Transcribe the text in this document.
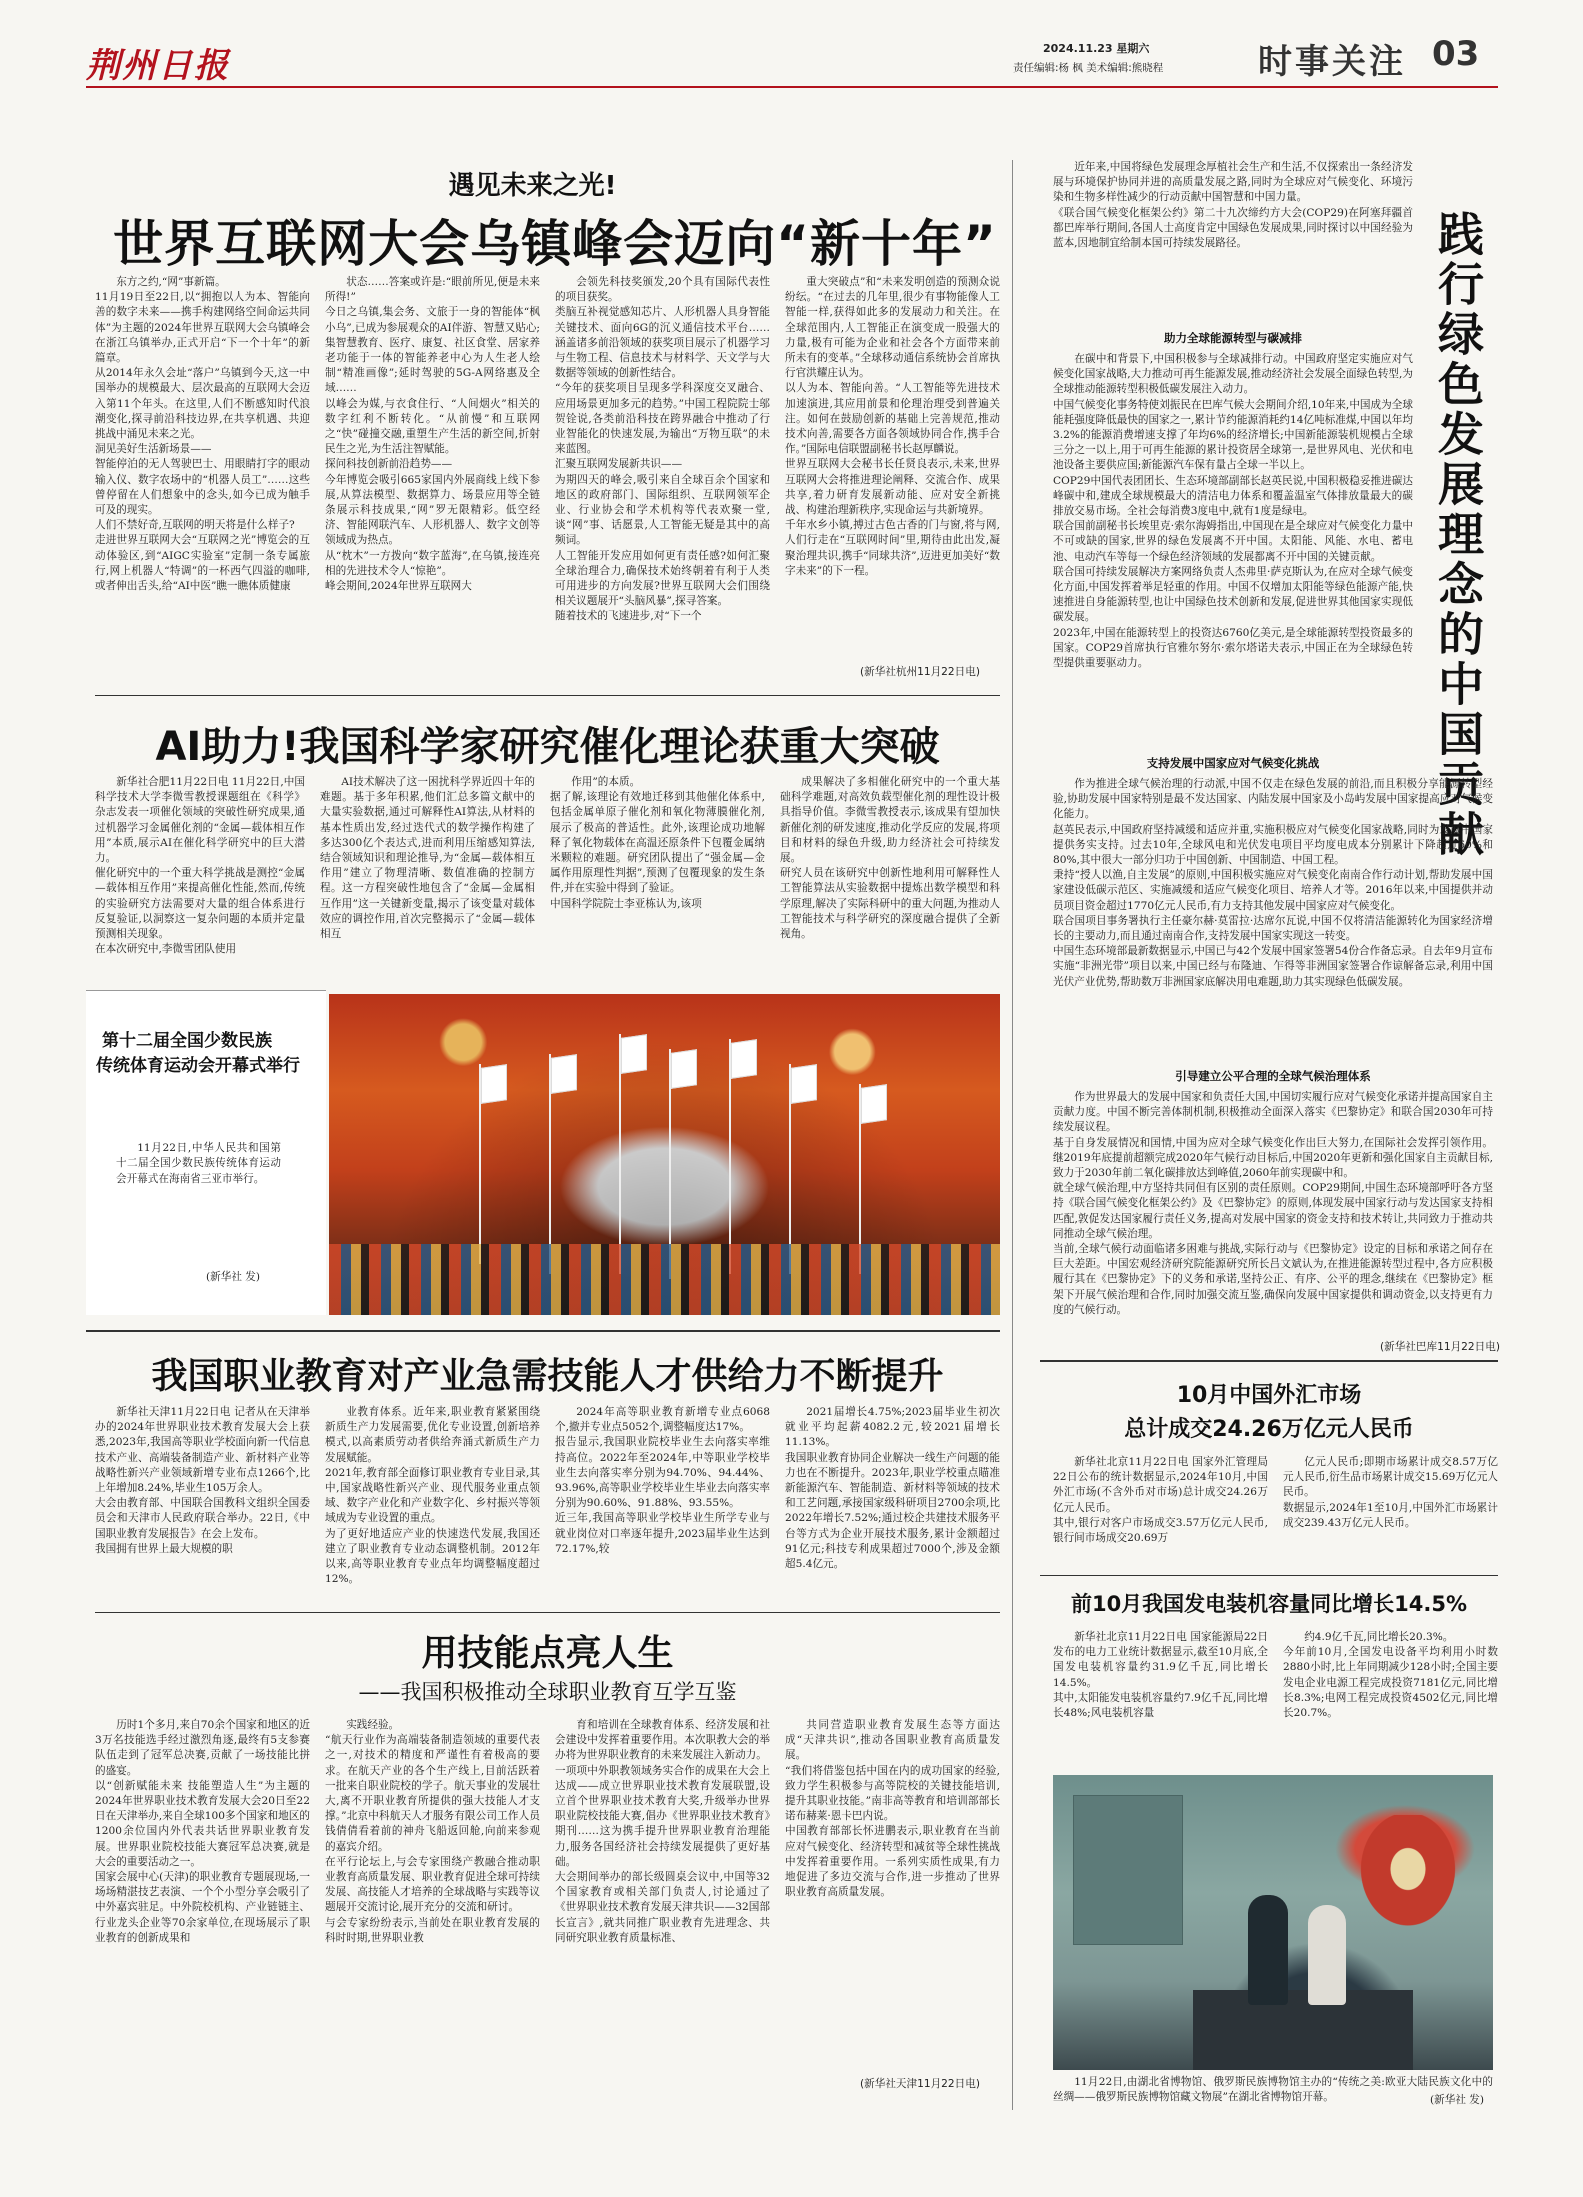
荆州日报	2024.11.23 星期六
责任编辑:杨 枫 美术编辑:熊晓程	时事关注 03
遇见未来之光!
世界互联网大会乌镇峰会迈向“新十年”
东方之约,“网”事新篇。
11月19日至22日,以“拥抱以人为本、智能向善的数字未来——携手构建网络空间命运共同体”为主题的2024年世界互联网大会乌镇峰会在浙江乌镇举办,正式开启“下一个十年”的新篇章。
从2014年永久会址“落户”乌镇到今天,这一中国举办的规模最大、层次最高的互联网大会迈入第11个年头。在这里,人们不断感知时代浪潮变化,探寻前沿科技边界,在共享机遇、共迎挑战中涌见未来之光。
洞见美好生活新场景——
智能停泊的无人驾驶巴士、用眼睛打字的眼动输入仪、数字农场中的“机器人员工”……这些曾停留在人们想象中的念头,如今已成为触手可及的现实。
人们不禁好奇,互联网的明天将是什么样子?
走进世界互联网大会“互联网之光”博览会的互动体验区,到“AIGC实验室”定制一条专属旅行,网上机器人“特调”的一杯西气四溢的咖啡,或者伸出舌头,给“AI中医”瞧一瞧体质健康
状态……答案或许是:“眼前所见,便是未来所得!”
今日之乌镇,集会务、文旅于一身的智能体“枫小乌”,已成为参展观众的AI伴游、智慧又贴心;集智慧教育、医疗、康复、社区食堂、居家养老功能于一体的智能养老中心为人生老人绘制“精准画像”;延时驾驶的5G-A网络惠及全域……
以峰会为媒,与衣食住行、“人间烟火”相关的数字红利不断转化。“从前慢”和互联网之“快”碰撞交融,重塑生产生活的新空间,折射民生之光,为生活注智赋能。
探问科技创新前沿趋势——
今年博览会吸引665家国内外展商线上线下参展,从算法模型、数据算力、场景应用等全链条展示科技成果,“网”罗无限精彩。低空经济、智能网联汽车、人形机器人、数字文创等领域成为热点。
从“枕木”一方拨向“数字蓝海”,在乌镇,接连亮相的先进技术令人“惊艳”。
峰会期间,2024年世界互联网大
会领先科技奖颁发,20个具有国际代表性的项目获奖。
类脑互补视觉感知芯片、人形机器人具身智能关键技术、面向6G的沉义通信技术平台……涵盖诸多前沿领域的获奖项目展示了机器学习与生物工程、信息技术与材料学、天文学与大数据等领域的创新性结合。
“今年的获奖项目呈现多学科深度交叉融合、应用场景更加多元的趋势。”中国工程院院士邬贺铨说,各类前沿科技在跨界融合中推动了行业智能化的快速发展,为输出“万物互联”的未来蓝图。
汇聚互联网发展新共识——
为期四天的峰会,吸引来自全球百余个国家和地区的政府部门、国际组织、互联网领军企业、行业协会和学术机构等代表欢聚一堂,谈“网”事、话愿景,人工智能无疑是其中的高频词。
人工智能开发应用如何更有责任感?如何汇聚全球治理合力,确保技术始终朝着有利于人类可用进步的方向发展?世界互联网大会们围绕相关议题展开“头脑风暴”,探寻答案。
随着技术的飞速进步,对“下一个
重大突破点”和“未来发明创造的预测众说纷纭。“在过去的几年里,很少有事物能像人工智能一样,获得如此多的发展动力和关注。在全球范围内,人工智能正在演变成一股强大的力量,极有可能为企业和社会各个方面带来前所未有的变革。”全球移动通信系统协会首席执行官洪耀庄认为。
以人为本、智能向善。“人工智能等先进技术加速演进,其应用前景和伦理治理受到普遍关注。如何在鼓励创新的基础上完善规范,推动技术向善,需要各方面各领域协同合作,携手合作。”国际电信联盟副秘书长赵厚麟说。
世界互联网大会秘书长任贤良表示,未来,世界互联网大会将推进理论阐释、交流合作、成果共享,着力研育发展新动能、应对安全新挑战、构建治理新秩序,实现命运与共新境界。
千年水乡小镇,搏过古色古香的门与窗,将与网,人们行走在“互联网时间”里,期待由此出发,凝聚治理共识,携手“同球共济”,迈进更加美好“数字未来”的下一程。
(新华社杭州11月22日电)
AI助力!我国科学家研究催化理论获重大突破
新华社合肥11月22日电 11月22日,中国科学技术大学李微雪教授课题组在《科学》杂志发表一项催化领域的突破性研究成果,通过机器学习金属催化剂的“金属—载体相互作用”本质,展示AI在催化科学研究中的巨大潜力。
催化研究中的一个重大科学挑战是测控“金属—载体相互作用”来提高催化性能,然而,传统的实验研究方法需要对大量的组合体系进行反复验证,以洞察这一复杂问题的本质并定量预测相关现象。
在本次研究中,李微雪团队使用
AI技术解决了这一困扰科学界近四十年的难题。基于多年积累,他们汇总多篇文献中的大量实验数据,通过可解释性AI算法,从材料的基本性质出发,经过迭代式的数学操作构建了多达300亿个表达式,进而利用压缩感知算法,结合领域知识和理论推导,为“金属—载体相互作用”建立了物理清晰、数值准确的控制方程。这一方程突破性地包含了“金属—金属相互作用”这一关键新变量,揭示了该变量对载体效应的调控作用,首次完整揭示了“金属—载体相互
作用”的本质。
据了解,该理论有效地迁移到其他催化体系中,包括金属单原子催化剂和氧化物薄膜催化剂,展示了极高的普适性。此外,该理论成功地解释了氧化物载体在高温还原条件下包覆金属纳米颗粒的难题。研究团队提出了“强金属—金属作用原理性判据”,预测了包覆现象的发生条件,并在实验中得到了验证。
中国科学院院士李亚栋认为,该项
成果解决了多相催化研究中的一个重大基础科学难题,对高效负载型催化剂的理性设计极具指导价值。李微雪教授表示,该成果有望加快新催化剂的研发速度,推动化学反应的发展,将项目和材料的绿色升级,助力经济社会可持续发展。
研究人员在该研究中创新性地利用可解释性人工智能算法从实验数据中提炼出数学模型和科学原理,解决了实际科研中的重大问题,为推动人工智能技术与科学研究的深度融合提供了全新视角。
第十二届全国少数民族
传统体育运动会开幕式举行
11月22日,中华人民共和国第十二届全国少数民族传统体育运动会开幕式在海南省三亚市举行。
(新华社 发)
我国职业教育对产业急需技能人才供给力不断提升
新华社天津11月22日电 记者从在天津举办的2024年世界职业技术教育发展大会上获悉,2023年,我国高等职业学校面向新一代信息技术产业、高端装备制造产业、新材料产业等战略性新兴产业领域新增专业布点1266个,比上年增加8.24%,毕业生105万余人。
大会由教育部、中国联合国教科文组织全国委员会和天津市人民政府联合举办。22日,《中国职业教育发展报告》在会上发布。
我国拥有世界上最大规模的职
业教育体系。近年来,职业教育紧紧围绕新质生产力发展需要,优化专业设置,创新培养模式,以高素质劳动者供给奔涌式新质生产力发展赋能。
2021年,教育部全面修订职业教育专业目录,其中,国家战略性新兴产业、现代服务业重点领域、数字产业化和产业数字化、乡村振兴等领域成为专业设置的重点。
为了更好地适应产业的快速迭代发展,我国还建立了职业教育专业动态调整机制。2012年以来,高等职业教育专业点年均调整幅度超过12%。
2024年高等职业教育新增专业点6068个,撤并专业点5052个,调整幅度达17%。
报告显示,我国职业院校毕业生去向落实率维持高位。2022年至2024年,中等职业学校毕业生去向落实率分别为94.70%、94.44%、93.96%,高等职业学校毕业生毕业去向落实率分别为90.60%、91.88%、93.55%。
近三年,我国高等职业学校毕业生所学专业与就业岗位对口率逐年提升,2023届毕业生达到72.17%,较
2021届增长4.75%;2023届毕业生初次就业平均起薪4082.2元,较2021届增长11.13%。
我国职业教育协同企业解决一线生产问题的能力也在不断提升。2023年,职业学校重点瞄准新能源汽车、智能制造、新材料等领域的技术和工艺问题,承接国家级科研项目2700余项,比2022年增长7.52%;通过校企共建技术服务平台等方式为企业开展技术服务,累计金额超过91亿元;科技专利成果超过7000个,涉及金额超5.4亿元。
用技能点亮人生
——我国积极推动全球职业教育互学互鉴
历时1个多月,来自70余个国家和地区的近3万名技能选手经过激烈角逐,最终有5支参赛队伍走到了冠军总决赛,贡献了一场技能比拼的盛宴。
以“创新赋能未来 技能塑造人生”为主题的2024年世界职业技术教育发展大会20日至22日在天津举办,来自全球100多个国家和地区的1200余位国内外代表共话世界职业教育发展。世界职业院校技能大赛冠军总决赛,就是大会的重要活动之一。
国家会展中心(天津)的职业教育专题展现场,一场场精湛技艺表演、一个个小型分享会吸引了中外嘉宾驻足。中外院校机构、产业链链主、行业龙头企业等70余家单位,在现场展示了职业教育的创新成果和
实践经验。
“航天行业作为高端装备制造领域的重要代表之一,对技术的精度和严谨性有着极高的要求。在航天产业的各个生产线上,目前活跃着一批来自职业院校的学子。航天事业的发展壮大,离不开职业教育所提供的强大技能人才支撑。”北京中科航天人才服务有限公司工作人员钱倩倩看着前的神舟飞船返回舱,向前来参观的嘉宾介绍。
在平行论坛上,与会专家围绕产教融合推动职业教育高质量发展、职业教育促进全球可持续发展、高技能人才培养的全球战略与实践等议题展开交流讨论,展开充分的交流和研讨。
与会专家纷纷表示,当前处在职业教育发展的科时时期,世界职业教
育和培训在全球教育体系、经济发展和社会建设中发挥着重要作用。本次职教大会的举办将为世界职业教育的未来发展注入新动力。
一项项中外职教领域务实合作的成果在大会上达成——成立世界职业技术教育发展联盟,设立首个世界职业技术教育大奖,升级举办世界职业院校技能大赛,倡办《世界职业技术教育》期刊……这为携手提升世界职业教育治理能力,服务各国经济社会持续发展提供了更好基础。
大会期间举办的部长级圆桌会议中,中国等32个国家教育或相关部门负责人,讨论通过了《世界职业技术教育发展天津共识——32国部长宣言》,就共同推广职业教育先进理念、共同研究职业教育质量标准、
共同营造职业教育发展生态等方面达成“天津共识”,推动各国职业教育高质量发展。
“我们将借鉴包括中国在内的成功国家的经验,致力学生积极参与高等院校的关键技能培训,提升其职业技能。”南非高等教育和培训部部长诺布赫莱·恩卡巴内说。
中国教育部部长怀进鹏表示,职业教育在当前应对气候变化、经济转型和减贫等全球性挑战中发挥着重要作用。一系列实质性成果,有力地促进了多边交流与合作,进一步推动了世界职业教育高质量发展。
(新华社天津11月22日电)
近年来,中国将绿色发展理念厚植社会生产和生活,不仅探索出一条经济发展与环境保护协同并进的高质量发展之路,同时为全球应对气候变化、环境污染和生物多样性减少的行动贡献中国智慧和中国力量。
《联合国气候变化框架公约》第二十九次缔约方大会(COP29)在阿塞拜疆首都巴库举行期间,各国人士高度肯定中国绿色发展成果,同时探讨以中国经验为蓝本,因地制宜给制本国可持续发展路径。	践行绿色发展理念的中国贡献
助力全球能源转型与碳减排
在碳中和背景下,中国积极参与全球减排行动。中国政府坚定实施应对气候变化国家战略,大力推动可再生能源发展,推动经济社会发展全面绿色转型,为全球推动能源转型积极低碳发展注入动力。
中国气候变化事务特使刘振民在巴库气候大会期间介绍,10年来,中国成为全球能耗强度降低最快的国家之一,累计节约能源消耗约14亿吨标准煤,中国以年均3.2%的能源消费增速支撑了年均6%的经济增长;中国新能源装机规模占全球三分之一以上,用于可再生能源的累计投资居全球第一,是世界风电、光伏和电池设备主要供应国;新能源汽车保有量占全球一半以上。
COP29中国代表团团长、生态环境部副部长赵英民说,中国积极稳妥推进碳达峰碳中和,建成全球规模最大的清洁电力体系和覆盖温室气体排放量最大的碳排放交易市场。全社会每消费3度电中,就有1度是绿电。
联合国前副秘书长埃里克·索尔海姆指出,中国现在是全球应对气候变化力量中不可或缺的国家,世界的绿色发展离不开中国。太阳能、风能、水电、蓄电池、电动汽车等每一个绿色经济领域的发展都离不开中国的关键贡献。
联合国可持续发展解决方案网络负责人杰弗里·萨克斯认为,在应对全球气候变化方面,中国发挥着举足轻重的作用。中国不仅增加太阳能等绿色能源产能,快速推进自身能源转型,也让中国绿色技术创新和发展,促进世界其他国家实现低碳发展。
2023年,中国在能源转型上的投资达6760亿美元,是全球能源转型投资最多的国家。COP29首席执行官雅尔努尔·索尔塔诺夫表示,中国正在为全球绿色转型提供重要驱动力。
支持发展中国家应对气候变化挑战
作为推进全球气候治理的行动派,中国不仅走在绿色发展的前沿,而且积极分享能源转型经验,协助发展中国家特别是最不发达国家、内陆发展中国家及小岛屿发展中国家提高应对气候变化能力。
赵英民表示,中国政府坚持减缓和适应并重,实施积极应对气候变化国家战略,同时为发展中国家提供务实支持。过去10年,全球风电和光伏发电项目平均度电成本分别累计下降超过60%和80%,其中很大一部分归功于中国创新、中国制造、中国工程。
秉持“授人以渔,自主发展”的原则,中国积极实施应对气候变化南南合作行动计划,帮助发展中国家建设低碳示范区、实施减缓和适应气候变化项目、培养人才等。2016年以来,中国提供并动员项目资金超过1770亿元人民币,有力支持其他发展中国家应对气候变化。
联合国项目事务署执行主任豪尔赫·莫雷拉·达席尔瓦说,中国不仅将清洁能源转化为国家经济增长的主要动力,而且通过南南合作,支持发展中国家实现这一转变。
中国生态环境部最新数据显示,中国已与42个发展中国家签署54份合作备忘录。自去年9月宣布实施“非洲光带”项目以来,中国已经与布隆迪、乍得等非洲国家签署合作谅解备忘录,利用中国光伏产业优势,帮助数万非洲国家底解决用电难题,助力其实现绿色低碳发展。
引导建立公平合理的全球气候治理体系
作为世界最大的发展中国家和负责任大国,中国切实履行应对气候变化承诺并提高国家自主贡献力度。中国不断完善体制机制,积极推动全面深入落实《巴黎协定》和联合国2030年可持续发展议程。
基于自身发展情况和国情,中国为应对全球气候变化作出巨大努力,在国际社会发挥引领作用。继2019年底提前超额完成2020年气候行动目标后,中国2020年更新和强化国家自主贡献目标,致力于2030年前二氧化碳排放达到峰值,2060年前实现碳中和。
就全球气候治理,中方坚持共同但有区别的责任原则。COP29期间,中国生态环境部呼吁各方坚持《联合国气候变化框架公约》及《巴黎协定》的原则,体现发展中国家行动与发达国家支持相匹配,敦促发达国家履行责任义务,提高对发展中国家的资金支持和技术转让,共同致力于推动共同推动全球气候治理。
当前,全球气候行动面临诸多困难与挑战,实际行动与《巴黎协定》设定的目标和承诺之间存在巨大差距。中国宏观经济研究院能源研究所长吕文斌认为,在推进能源转型过程中,各方应积极履行其在《巴黎协定》下的义务和承诺,坚持公正、有序、公平的理念,继续在《巴黎协定》框架下开展气候治理和合作,同时加强交流互鉴,确保向发展中国家提供和调动资金,以支持更有力度的气候行动。
(新华社巴库11月22日电)
10月中国外汇市场
总计成交24.26万亿元人民币
新华社北京11月22日电 国家外汇管理局22日公布的统计数据显示,2024年10月,中国外汇市场(不含外币对市场)总计成交24.26万亿元人民币。
其中,银行对客户市场成交3.57万亿元人民币,银行间市场成交20.69万
亿元人民币;即期市场累计成交8.57万亿元人民币,衍生品市场累计成交15.69万亿元人民币。
数据显示,2024年1至10月,中国外汇市场累计成交239.43万亿元人民币。
前10月我国发电装机容量同比增长14.5%
新华社北京11月22日电 国家能源局22日发布的电力工业统计数据显示,截至10月底,全国发电装机容量约31.9亿千瓦,同比增长14.5%。
其中,太阳能发电装机容量约7.9亿千瓦,同比增长48%;风电装机容量
约4.9亿千瓦,同比增长20.3%。
今年前10月,全国发电设备平均利用小时数2880小时,比上年同期减少128小时;全国主要发电企业电源工程完成投资7181亿元,同比增长8.3%;电网工程完成投资4502亿元,同比增长20.7%。
11月22日,由湖北省博物馆、俄罗斯民族博物馆主办的“传统之美:欧亚大陆民族文化中的丝绸——俄罗斯民族博物馆藏文物展”在湖北省博物馆开幕。	(新华社 发)
